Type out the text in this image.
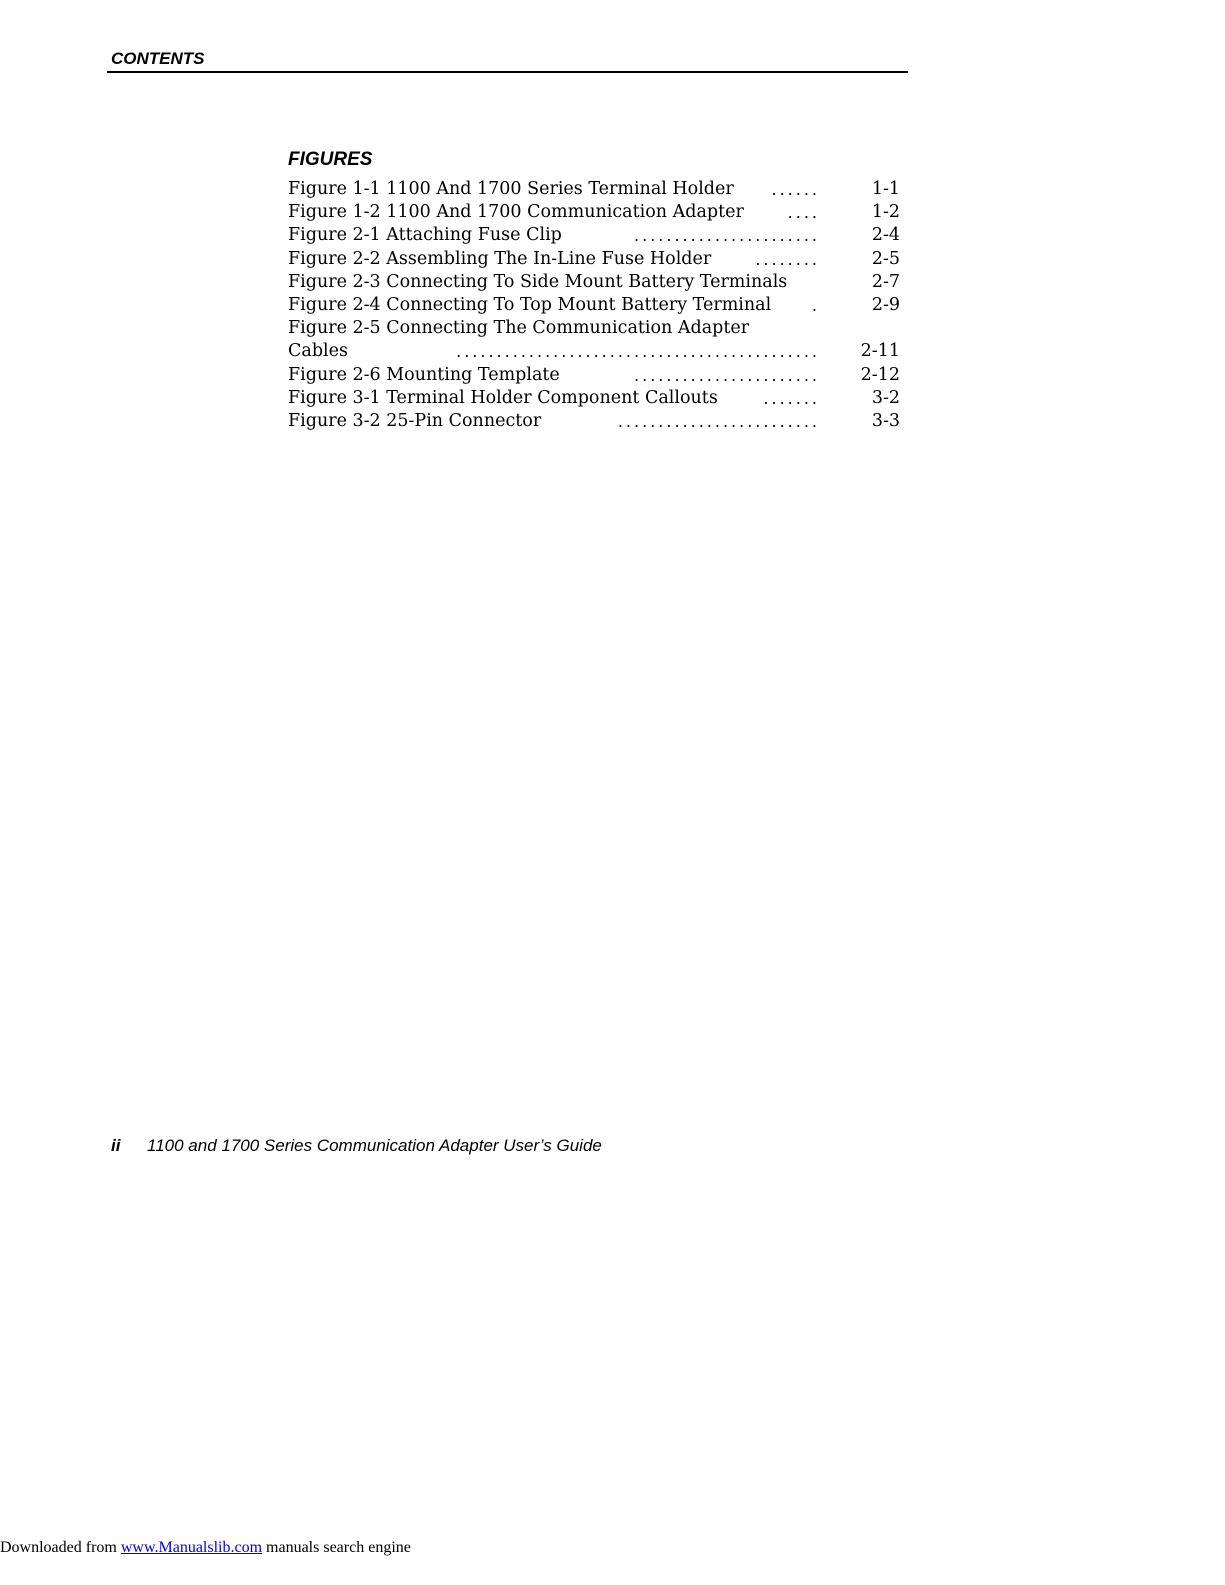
CONTENTS
FIGURES
Figure 1-1 1100 And 1700 Series Terminal Holder ......	1-1
Figure 1-2 1100 And 1700 Communication Adapter	....	1-2
Figure 2-1 Attaching Fuse Clip	.......................	2-4
Figure 2-2 Assembling The In-Line Fuse Holder	........	2-5
Figure 2-3 Connecting To Side Mount Battery Terminals	2-7
Figure 2-4 Connecting To Top Mount Battery Terminal	.	2-9
Figure 2-5 Connecting The Communication Adapter
Cables	............................................. 2-11
Figure 2-6 Mounting Template	....................... 2-12
Figure 3-1 Terminal Holder Component Callouts	.......	3-2
Figure 3-2 25-Pin Connector	.........................	3-3
ii 1100 and 1700 Series Communication Adapter User’s Guide
Downloaded from www.Manualslib.com manuals search engine
